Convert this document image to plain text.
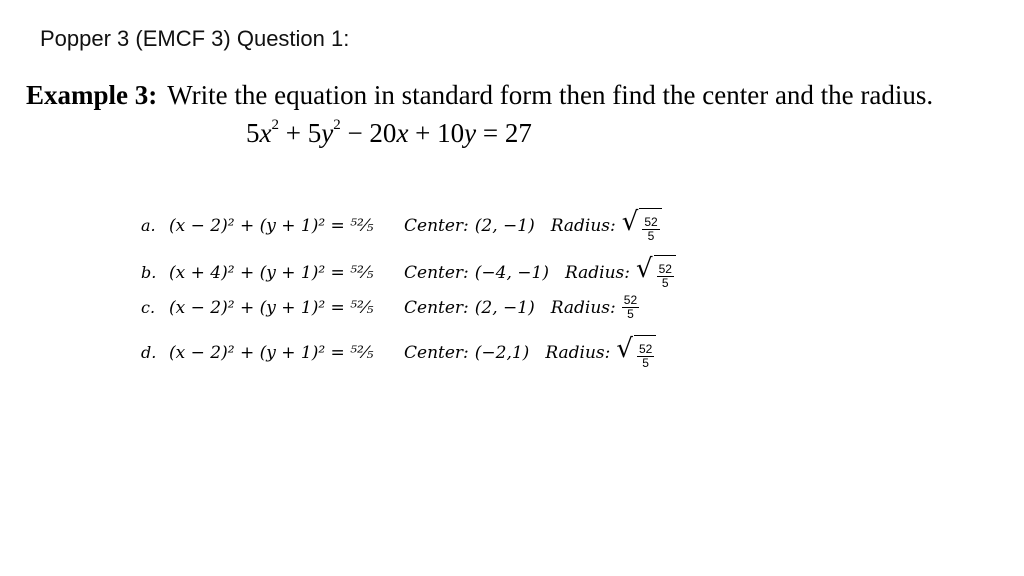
Popper 3 (EMCF 3) Question 1:
Example 3: Write the equation in standard form then find the center and the radius.
$5x^2 + 5y^2 - 20x + 10y = 27$
a. (x − 2)² + (y + 1)² = ⁵²⁄₅	Center: (2, −1) Radius: √ $\frac{52}{5}$
b. (x + 4)² + (y + 1)² = ⁵²⁄₅	Center: (−4, −1) Radius: √ $\frac{52}{5}$
c. (x − 2)² + (y + 1)² = ⁵²⁄₅	Center: (2, −1) Radius: $\frac{52}{5}$
d. (x − 2)² + (y + 1)² = ⁵²⁄₅	Center: (−2,1) Radius: √ $\frac{52}{5}$
